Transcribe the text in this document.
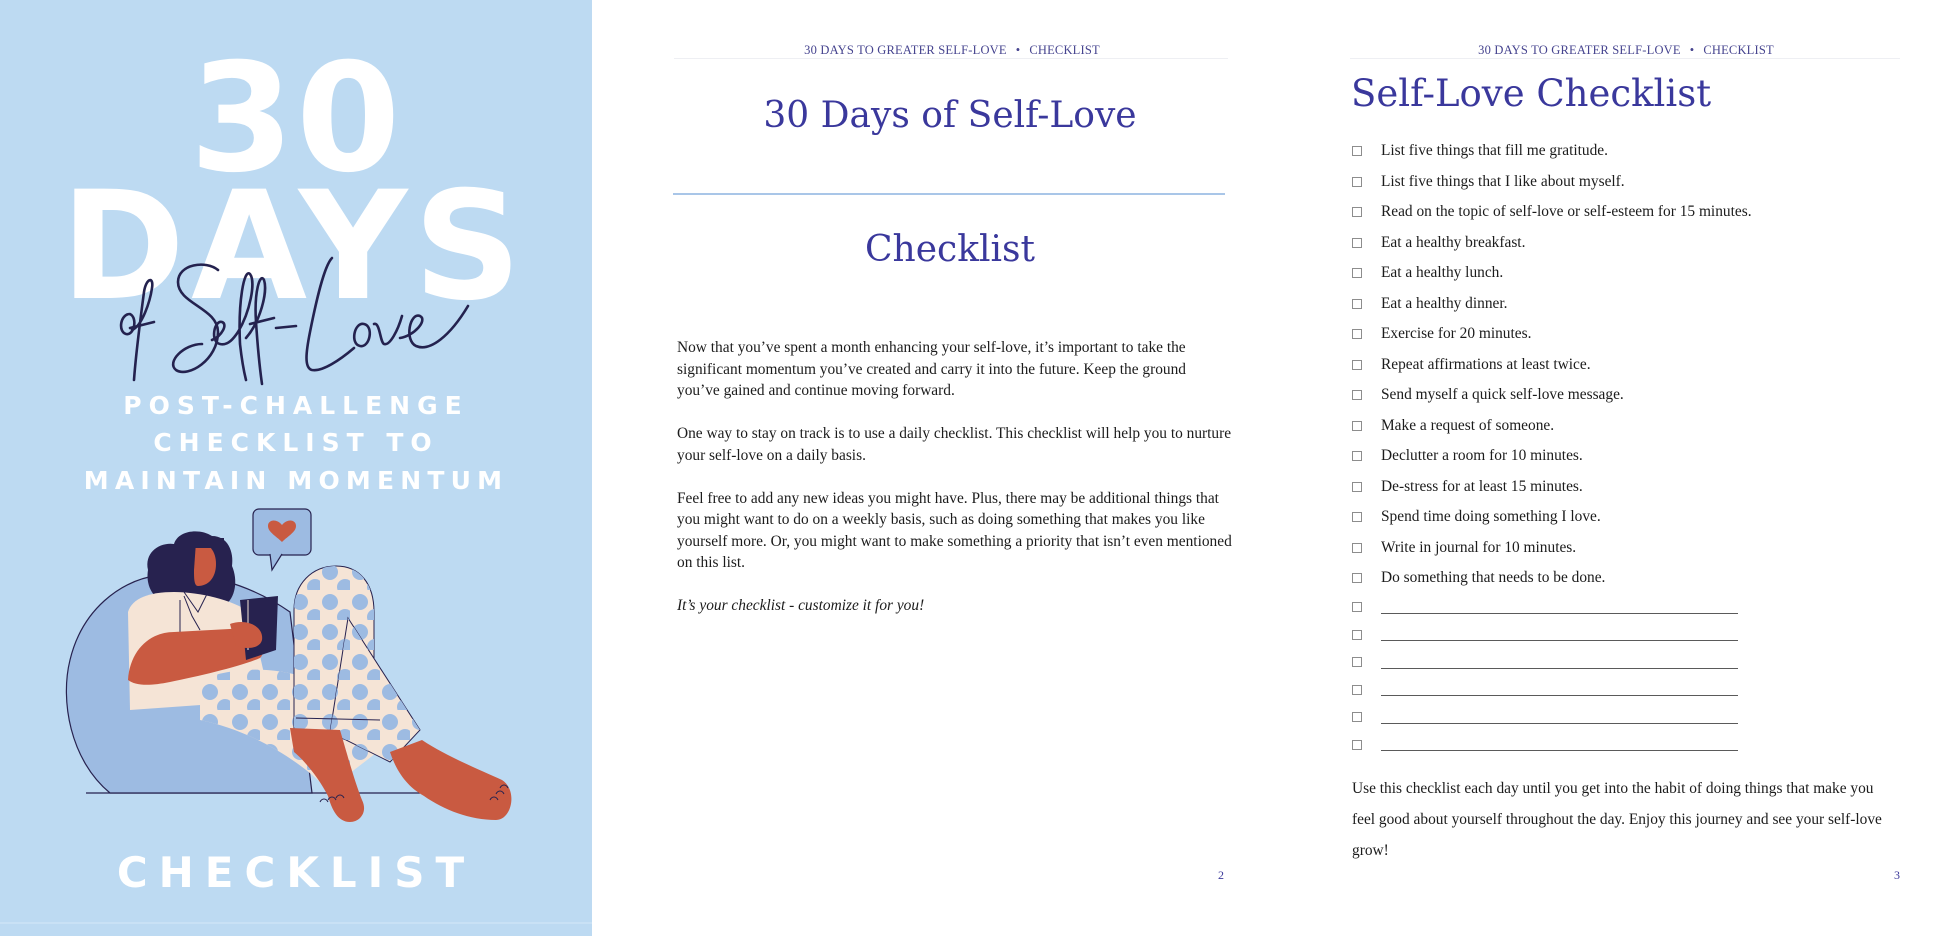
30
DAYS
POST-CHALLENGE
CHECKLIST TO
MAINTAIN MOMENTUM
CHECKLIST
30 DAYS TO GREATER SELF-LOVE • CHECKLIST
30 Days of Self-Love
Checklist

Now that you’ve spent a month enhancing your self-love, it’s important to take the significant momentum you’ve created and carry it into the future. Keep the ground you’ve gained and continue moving forward.

One way to stay on track is to use a daily checklist. This checklist will help you to nurture your self-love on a daily basis.

Feel free to add any new ideas you might have. Plus, there may be additional things that you might want to do on a weekly basis, such as doing something that makes you like yourself more. Or, you might want to make something a priority that isn’t even mentioned on this list.

It’s your checklist - customize it for you!

2
30 DAYS TO GREATER SELF-LOVE • CHECKLIST
Self-Love Checklist
List five things that fill me gratitude.
List five things that I like about myself.
Read on the topic of self-love or self-esteem for 15 minutes.
Eat a healthy breakfast.
Eat a healthy lunch.
Eat a healthy dinner.
Exercise for 20 minutes.
Repeat affirmations at least twice.
Send myself a quick self-love message.
Make a request of someone.
Declutter a room for 10 minutes.
De-stress for at least 15 minutes.
Spend time doing something I love.
Write in journal for 10 minutes.
Do something that needs to be done.
Use this checklist each day until you get into the habit of doing things that make you feel good about yourself throughout the day. Enjoy this journey and see your self-love grow!
3
